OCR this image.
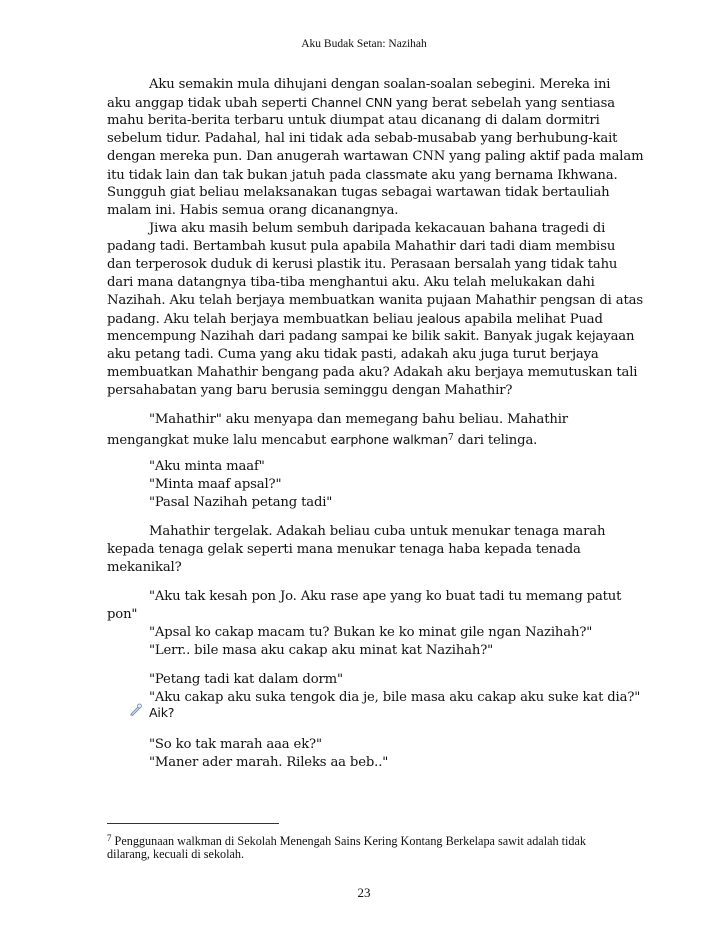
Aku Budak Setan: Nazihah
Aku semakin mula dihujani dengan soalan-soalan sebegini. Mereka ini
aku anggap tidak ubah seperti Channel CNN yang berat sebelah yang sentiasa
mahu berita-berita terbaru untuk diumpat atau dicanang di dalam dormitri
sebelum tidur. Padahal, hal ini tidak ada sebab-musabab yang berhubung-kait
dengan mereka pun. Dan anugerah wartawan CNN yang paling aktif pada malam
itu tidak lain dan tak bukan jatuh pada classmate aku yang bernama Ikhwana.
Sungguh giat beliau melaksanakan tugas sebagai wartawan tidak bertauliah
malam ini. Habis semua orang dicanangnya.
Jiwa aku masih belum sembuh daripada kekacauan bahana tragedi di
padang tadi. Bertambah kusut pula apabila Mahathir dari tadi diam membisu
dan terperosok duduk di kerusi plastik itu. Perasaan bersalah yang tidak tahu
dari mana datangnya tiba-tiba menghantui aku. Aku telah melukakan dahi
Nazihah. Aku telah berjaya membuatkan wanita pujaan Mahathir pengsan di atas
padang. Aku telah berjaya membuatkan beliau jealous apabila melihat Puad
mencempung Nazihah dari padang sampai ke bilik sakit. Banyak jugak kejayaan
aku petang tadi. Cuma yang aku tidak pasti, adakah aku juga turut berjaya
membuatkan Mahathir bengang pada aku? Adakah aku berjaya memutuskan tali
persahabatan yang baru berusia seminggu dengan Mahathir?
"Mahathir" aku menyapa dan memegang bahu beliau. Mahathir
mengangkat muke lalu mencabut earphone walkman$^7$ dari telinga.
"Aku minta maaf"
"Minta maaf apsal?"
"Pasal Nazihah petang tadi"
Mahathir tergelak. Adakah beliau cuba untuk menukar tenaga marah
kepada tenaga gelak seperti mana menukar tenaga haba kepada tenada
mekanikal?
"Aku tak kesah pon Jo. Aku rase ape yang ko buat tadi tu memang patut
pon"
"Apsal ko cakap macam tu? Bukan ke ko minat gile ngan Nazihah?"
"Lerr.. bile masa aku cakap aku minat kat Nazihah?"
"Petang tadi kat dalam dorm"
"Aku cakap aku suka tengok dia je, bile masa aku cakap aku suke kat dia?"
Aik?
"So ko tak marah aaa ek?"
"Maner ader marah. Rileks aa beb.."
$^7$ Penggunaan walkman di Sekolah Menengah Sains Kering Kontang Berkelapa sawit adalah tidak
dilarang, kecuali di sekolah.
23
